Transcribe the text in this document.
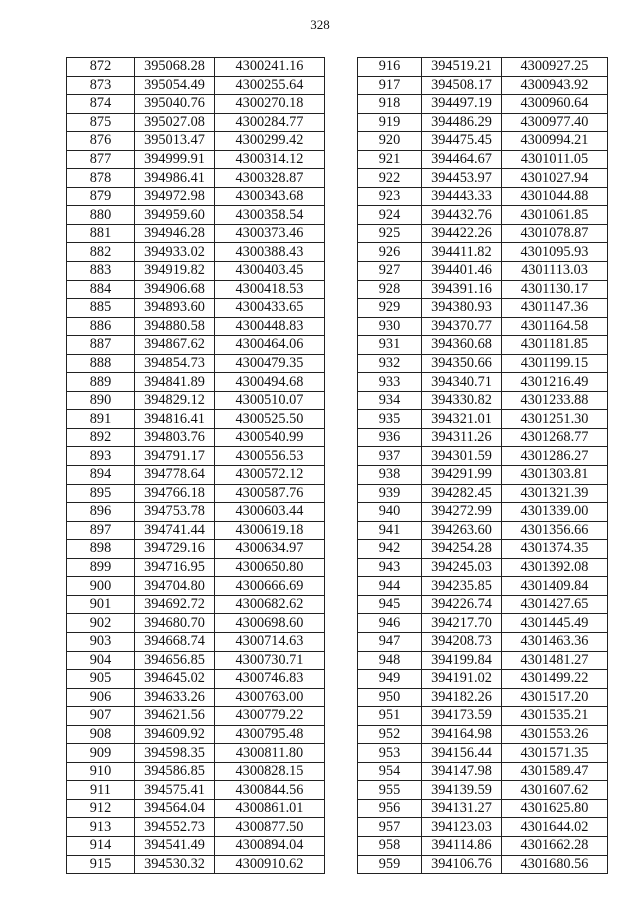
328
872	395068.28	4300241.16
873	395054.49	4300255.64
874	395040.76	4300270.18
875	395027.08	4300284.77
876	395013.47	4300299.42
877	394999.91	4300314.12
878	394986.41	4300328.87
879	394972.98	4300343.68
880	394959.60	4300358.54
881	394946.28	4300373.46
882	394933.02	4300388.43
883	394919.82	4300403.45
884	394906.68	4300418.53
885	394893.60	4300433.65
886	394880.58	4300448.83
887	394867.62	4300464.06
888	394854.73	4300479.35
889	394841.89	4300494.68
890	394829.12	4300510.07
891	394816.41	4300525.50
892	394803.76	4300540.99
893	394791.17	4300556.53
894	394778.64	4300572.12
895	394766.18	4300587.76
896	394753.78	4300603.44
897	394741.44	4300619.18
898	394729.16	4300634.97
899	394716.95	4300650.80
900	394704.80	4300666.69
901	394692.72	4300682.62
902	394680.70	4300698.60
903	394668.74	4300714.63
904	394656.85	4300730.71
905	394645.02	4300746.83
906	394633.26	4300763.00
907	394621.56	4300779.22
908	394609.92	4300795.48
909	394598.35	4300811.80
910	394586.85	4300828.15
911	394575.41	4300844.56
912	394564.04	4300861.01
913	394552.73	4300877.50
914	394541.49	4300894.04
915	394530.32	4300910.62
916	394519.21	4300927.25
917	394508.17	4300943.92
918	394497.19	4300960.64
919	394486.29	4300977.40
920	394475.45	4300994.21
921	394464.67	4301011.05
922	394453.97	4301027.94
923	394443.33	4301044.88
924	394432.76	4301061.85
925	394422.26	4301078.87
926	394411.82	4301095.93
927	394401.46	4301113.03
928	394391.16	4301130.17
929	394380.93	4301147.36
930	394370.77	4301164.58
931	394360.68	4301181.85
932	394350.66	4301199.15
933	394340.71	4301216.49
934	394330.82	4301233.88
935	394321.01	4301251.30
936	394311.26	4301268.77
937	394301.59	4301286.27
938	394291.99	4301303.81
939	394282.45	4301321.39
940	394272.99	4301339.00
941	394263.60	4301356.66
942	394254.28	4301374.35
943	394245.03	4301392.08
944	394235.85	4301409.84
945	394226.74	4301427.65
946	394217.70	4301445.49
947	394208.73	4301463.36
948	394199.84	4301481.27
949	394191.02	4301499.22
950	394182.26	4301517.20
951	394173.59	4301535.21
952	394164.98	4301553.26
953	394156.44	4301571.35
954	394147.98	4301589.47
955	394139.59	4301607.62
956	394131.27	4301625.80
957	394123.03	4301644.02
958	394114.86	4301662.28
959	394106.76	4301680.56
